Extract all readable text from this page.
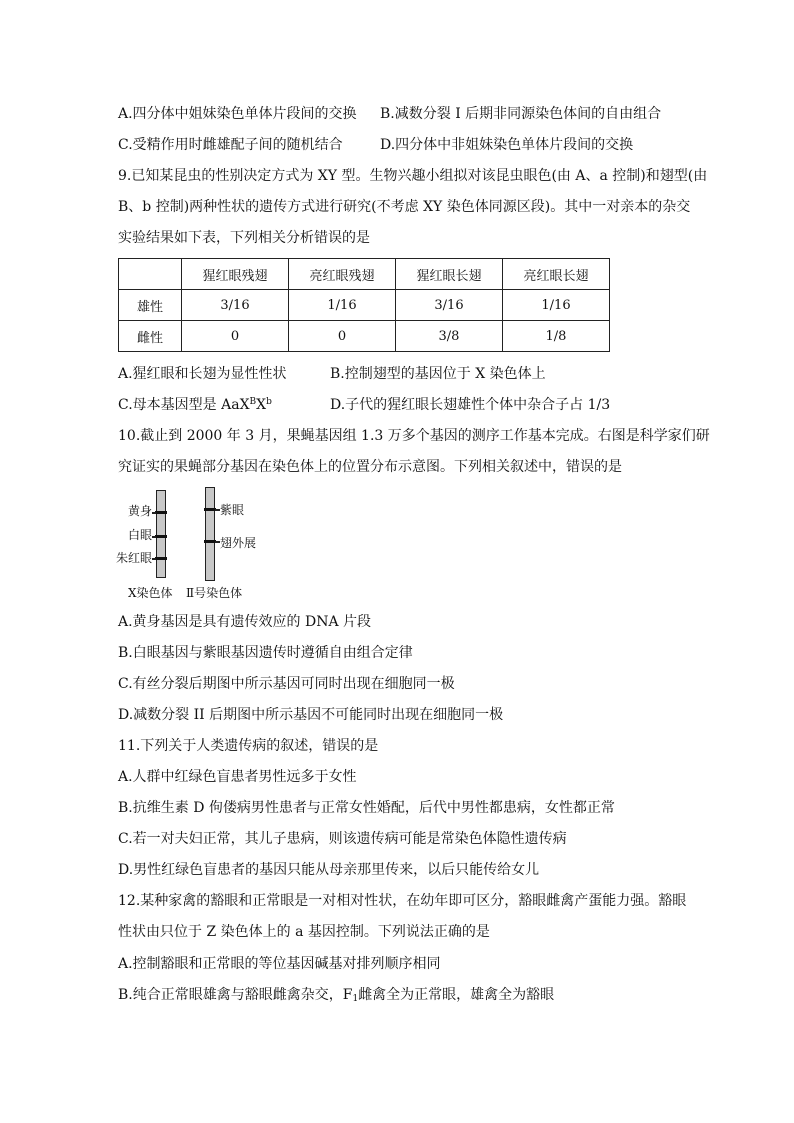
A.四分体中姐妹染色单体片段间的交换 B.减数分裂 I 后期非同源染色体间的自由组合
C.受精作用时雌雄配子间的随机结合	D.四分体中非姐妹染色单体片段间的交换
9.已知某昆虫的性别决定方式为 XY 型。生物兴趣小组拟对该昆虫眼色(由 A、a 控制)和翅型(由
B、b 控制)两种性状的遗传方式进行研究(不考虑 XY 染色体同源区段)。其中一对亲本的杂交
实验结果如下表，下列相关分析错误的是
	猩红眼残翅	亮红眼残翅	猩红眼长翅	亮红眼长翅
雄性	3/16	1/16	3/16	1/16
雌性	0	0	3/8	1/8
A.猩红眼和长翅为显性性状	B.控制翅型的基因位于 X 染色体上
C.母本基因型是 $AaX^BX^b$	D.子代的猩红眼长翅雄性个体中杂合子占 1/3
10.截止到 2000 年 3 月，果蝇基因组 1.3 万多个基因的测序工作基本完成。右图是科学家们研
究证实的果蝇部分基因在染色体上的位置分布示意图。下列相关叙述中，错误的是
黄身
白眼
朱红眼
紫眼
翅外展
X染色体 Ⅱ号染色体
A.黄身基因是具有遗传效应的 DNA 片段
B.白眼基因与紫眼基因遗传时遵循自由组合定律
C.有丝分裂后期图中所示基因可同时出现在细胞同一极
D.减数分裂 II 后期图中所示基因不可能同时出现在细胞同一极
11.下列关于人类遗传病的叙述，错误的是
A.人群中红绿色盲患者男性远多于女性
B.抗维生素 D 佝偻病男性患者与正常女性婚配，后代中男性都患病，女性都正常
C.若一对夫妇正常，其儿子患病，则该遗传病可能是常染色体隐性遗传病
D.男性红绿色盲患者的基因只能从母亲那里传来，以后只能传给女儿
12.某种家禽的豁眼和正常眼是一对相对性状，在幼年即可区分，豁眼雌禽产蛋能力强。豁眼
性状由只位于 Z 染色体上的 a 基因控制。下列说法正确的是
A.控制豁眼和正常眼的等位基因碱基对排列顺序相同
B.纯合正常眼雄禽与豁眼雌禽杂交，$F_1$雌禽全为正常眼，雄禽全为豁眼
